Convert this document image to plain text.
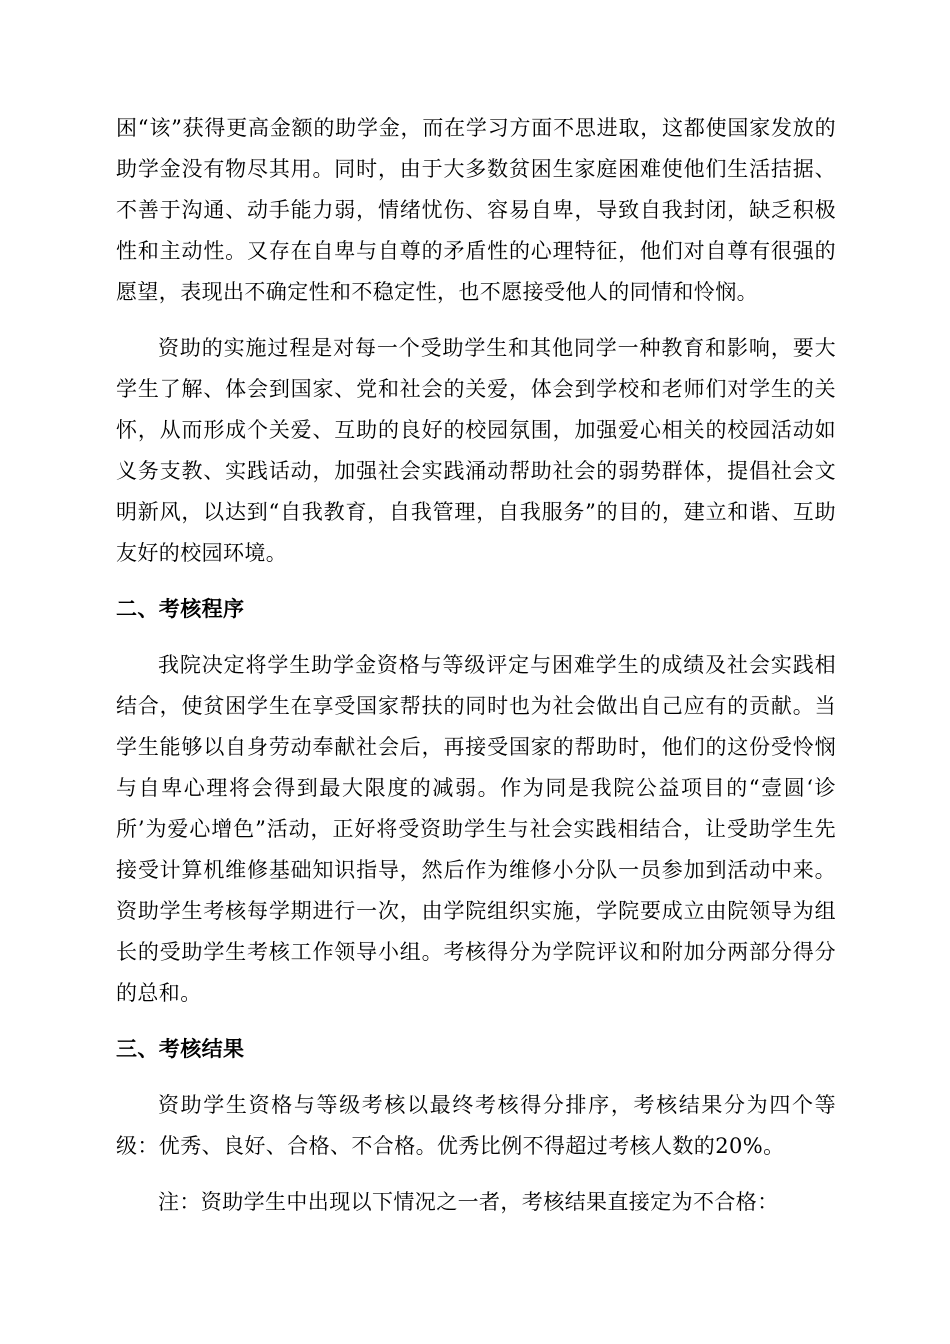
困“该”获得更高金额的助学金，而在学习方面不思进取，这都使国家发放的助学金没有物尽其用。同时，由于大多数贫困生家庭困难使他们生活拮据、不善于沟通、动手能力弱，情绪忧伤、容易自卑，导致自我封闭，缺乏积极性和主动性。又存在自卑与自尊的矛盾性的心理特征，他们对自尊有很强的愿望，表现出不确定性和不稳定性，也不愿接受他人的同情和怜悯。

资助的实施过程是对每一个受助学生和其他同学一种教育和影响，要大学生了解、体会到国家、党和社会的关爱，体会到学校和老师们对学生的关怀，从而形成个关爱、互助的良好的校园氛围，加强爱心相关的校园活动如义务支教、实践话动，加强社会实践涌动帮助社会的弱势群体，提倡社会文明新风，以达到“自我教育，自我管理，自我服务”的目的，建立和谐、互助友好的校园环境。

二、考核程序

我院决定将学生助学金资格与等级评定与困难学生的成绩及社会实践相结合，使贫困学生在享受国家帮扶的同时也为社会做出自己应有的贡献。当学生能够以自身劳动奉献社会后，再接受国家的帮助时，他们的这份受怜悯与自卑心理将会得到最大限度的减弱。作为同是我院公益项目的“壹圆‘诊所’为爱心增色”活动，正好将受资助学生与社会实践相结合，让受助学生先接受计算机维修基础知识指导，然后作为维修小分队一员参加到活动中来。资助学生考核每学期进行一次，由学院组织实施，学院要成立由院领导为组长的受助学生考核工作领导小组。考核得分为学院评议和附加分两部分得分的总和。

三、考核结果

资助学生资格与等级考核以最终考核得分排序，考核结果分为四个等级：优秀、良好、合格、不合格。优秀比例不得超过考核人数的20%。

注：资助学生中出现以下情况之一者，考核结果直接定为不合格：
